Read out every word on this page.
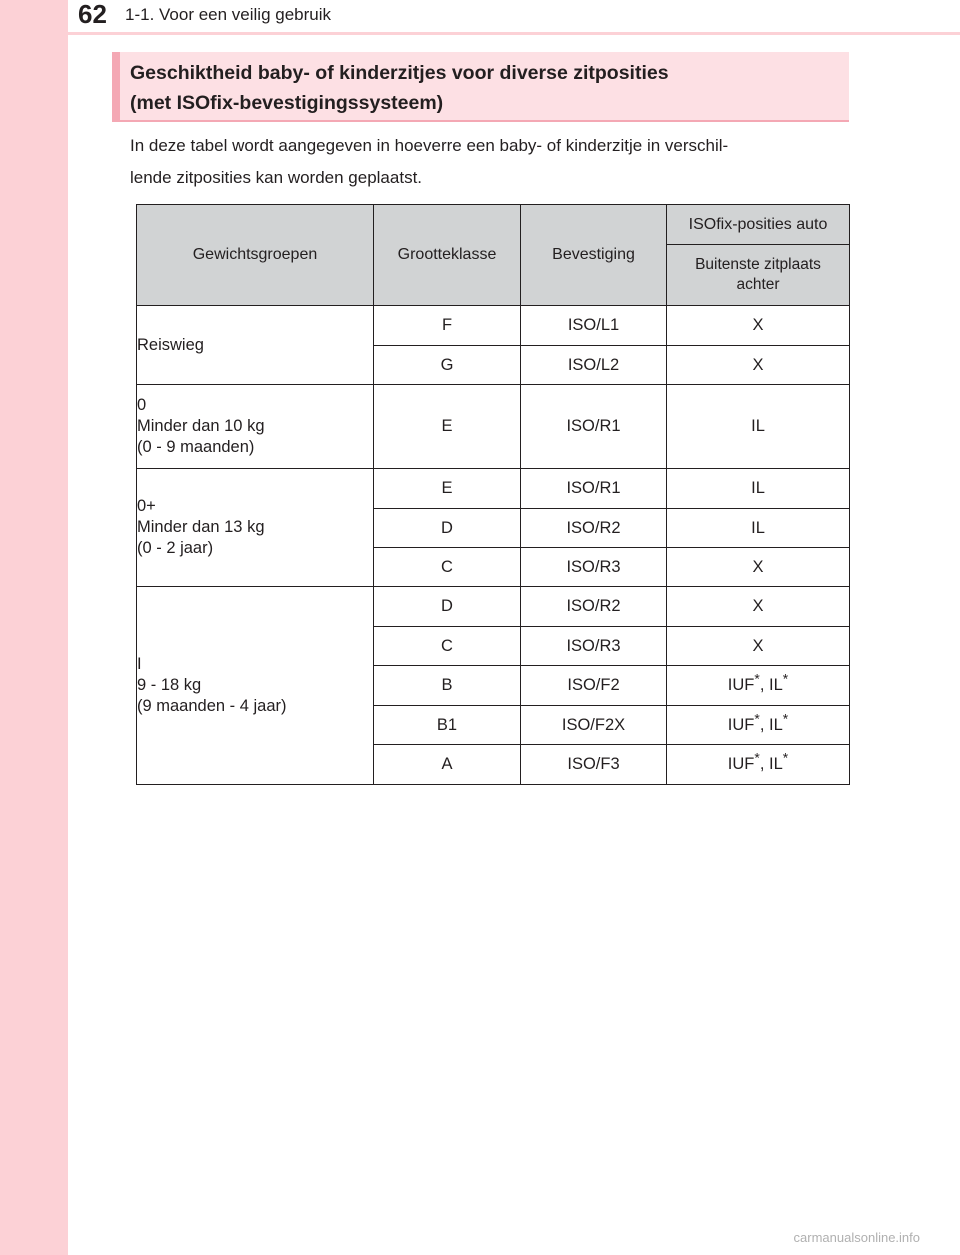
62 1-1. Voor een veilig gebruik
Geschiktheid baby- of kinderzitjes voor diverse zitposities
(met ISOfix-bevestigingssysteem)
In deze tabel wordt aangegeven in hoeverre een baby- of kinderzitje in verschil-
lende zitposities kan worden geplaatst.
Gewichtsgroepen	Grootteklasse	Bevestiging	ISOfix-posities auto

			Buitenste zitplaats
achter

Reiswieg	F	ISO/L1	X
	G	ISO/L2	X

0
Minder dan 10 kg
(0 - 9 maanden)	E	ISO/R1	IL

0+
Minder dan 13 kg
(0 - 2 jaar)	E	ISO/R1	IL
	D	ISO/R2	IL
	C	ISO/R3	X

I
9 - 18 kg
(9 maanden - 4 jaar)	D	ISO/R2	X
	C	ISO/R3	X
	B	ISO/F2	IUF*, IL*
	B1	ISO/F2X	IUF*, IL*
	A	ISO/F3	IUF*, IL*
carmanualsonline.info
